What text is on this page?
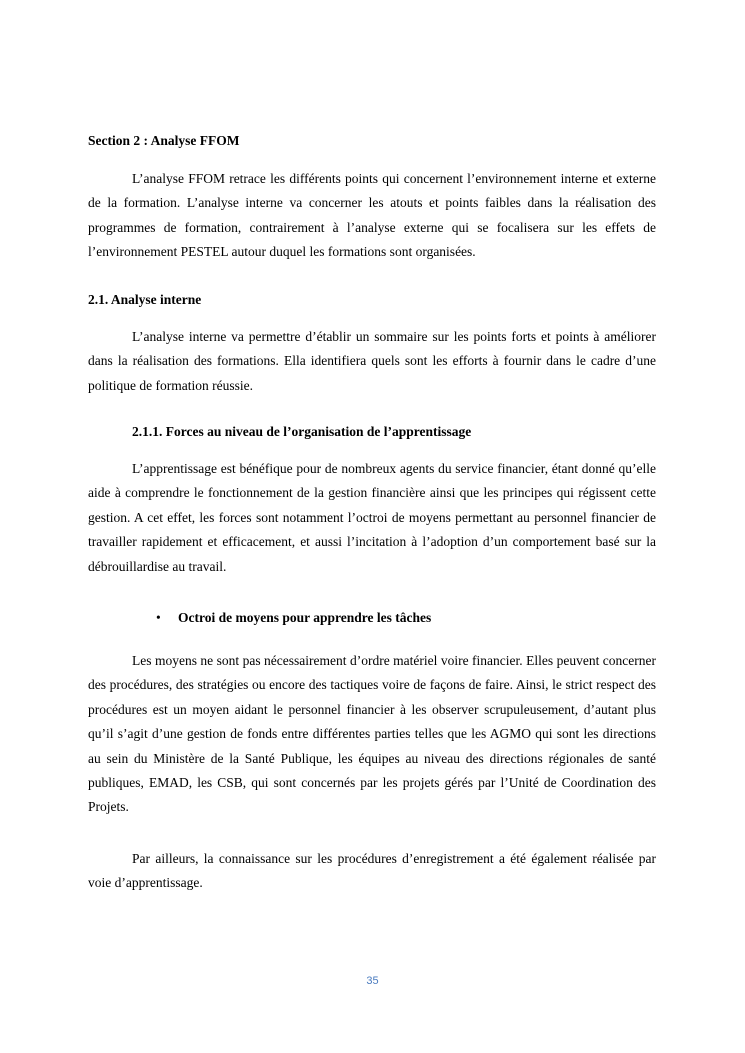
Section 2 : Analyse FFOM

L’analyse FFOM retrace les différents points qui concernent l’environnement interne et externe de la formation. L’analyse interne va concerner les atouts et points faibles dans la réalisation des programmes de formation, contrairement à l’analyse externe qui se focalisera sur les effets de l’environnement PESTEL autour duquel les formations sont organisées.

2.1. Analyse interne

L’analyse interne va permettre d’établir un sommaire sur les points forts et points à améliorer dans la réalisation des formations. Ella identifiera quels sont les efforts à fournir dans le cadre d’une politique de formation réussie.

2.1.1. Forces au niveau de l’organisation de l’apprentissage

L’apprentissage est bénéfique pour de nombreux agents du service financier, étant donné qu’elle aide à comprendre le fonctionnement de la gestion financière ainsi que les principes qui régissent cette gestion. A cet effet, les forces sont notamment l’octroi de moyens permettant au personnel financier de travailler rapidement et efficacement, et aussi l’incitation à l’adoption d’un comportement basé sur la débrouillardise au travail.

•	Octroi de moyens pour apprendre les tâches

Les moyens ne sont pas nécessairement d’ordre matériel voire financier. Elles peuvent concerner des procédures, des stratégies ou encore des tactiques voire de façons de faire. Ainsi, le strict respect des procédures est un moyen aidant le personnel financier à les observer scrupuleusement, d’autant plus qu’il s’agit d’une gestion de fonds entre différentes parties telles que les AGMO qui sont les directions au sein du Ministère de la Santé Publique, les équipes au niveau des directions régionales de santé publiques, EMAD, les CSB, qui sont concernés par les projets gérés par l’Unité de Coordination des Projets.

Par ailleurs, la connaissance sur les procédures d’enregistrement a été également réalisée par voie d’apprentissage.

35
